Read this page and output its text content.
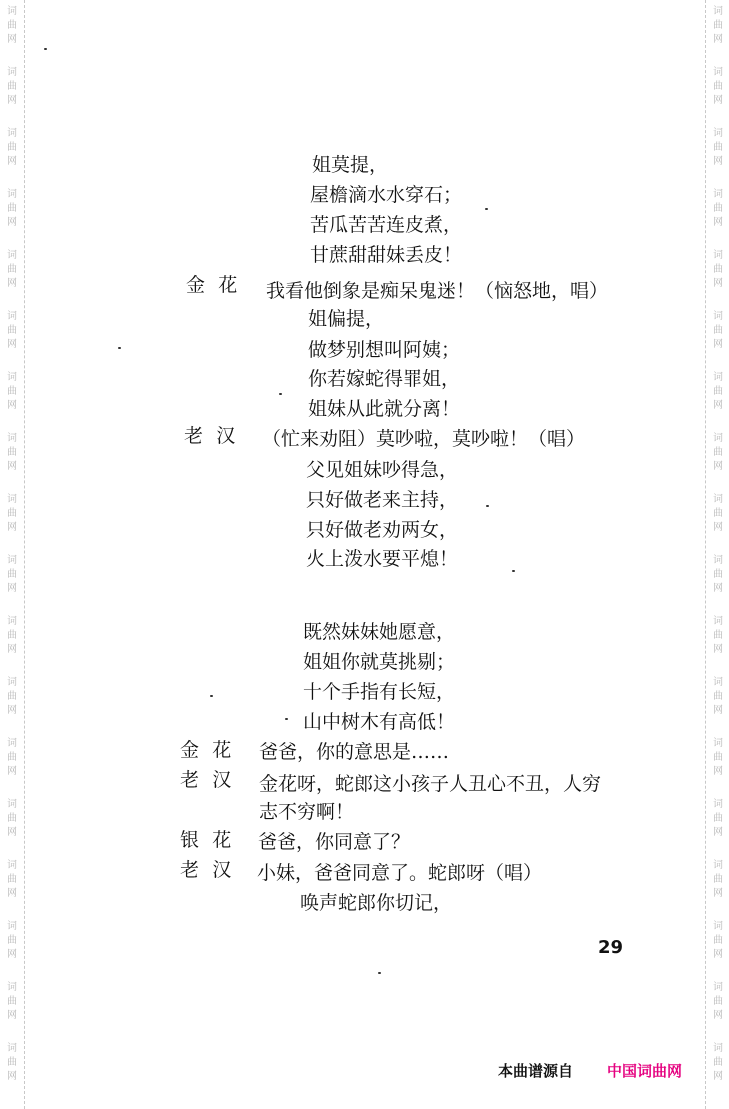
词
曲
网
词
曲
网
词
曲
网
词
曲
网
词
曲
网
词
曲
网
词
曲
网
词
曲
网
词
曲
网
词
曲
网
词
曲
网
词
曲
网
词
曲
网
词
曲
网
词
曲
网
词
曲
网
词
曲
网
词
曲
网
词
曲
网
词
曲
网
词
曲
网
词
曲
网
词
曲
网
词
曲
网
词
曲
网
词
曲
网
词
曲
网
词
曲
网
词
曲
网
词
曲
网
词
曲
网
词
曲
网
词
曲
网
词
曲
网
词
曲
网
词
曲
网
姐莫提，
屋檐滴水水穿石；
苦瓜苦苦连皮煮，
甘蔗甜甜妹丢皮！
金花 我看他倒象是痴呆鬼迷！（恼怒地，唱）
姐偏提，
做梦别想叫阿姨；
你若嫁蛇得罪姐，
姐妹从此就分离！
老汉 （忙来劝阻）莫吵啦，莫吵啦！（唱）
父见姐妹吵得急，
只好做老来主持，
只好做老劝两女，
火上泼水要平熄！
既然妹妹她愿意，
姐姐你就莫挑剔；
十个手指有长短，
山中树木有高低！
金花 爸爸，你的意思是……
老汉 金花呀，蛇郎这小孩子人丑心不丑，人穷
志不穷啊！
银花 爸爸，你同意了？
老汉 小妹，爸爸同意了。蛇郎呀（唱）
唤声蛇郎你切记，
29
本曲谱源自 中国词曲网
